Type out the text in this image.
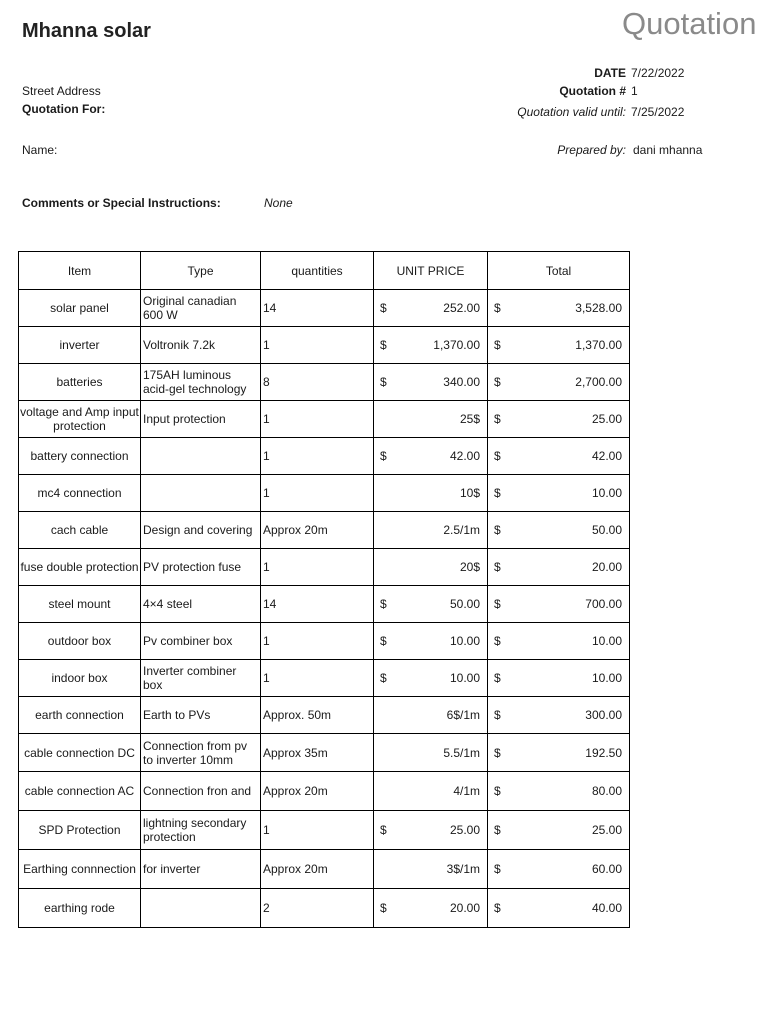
Mhanna solar	Quotation
Street Address
Quotation For:
Name:
DATE 7/22/2022
Quotation # 1
Quotation valid until: 7/25/2022
Prepared by: dani mhanna
Comments or Special Instructions:	None
Item	Type	quantities	UNIT PRICE	Total
solar panel	Original canadian 600 W	14	$ 252.00	$ 3,528.00

inverter	Voltronik 7.2k	1	$ 1,370.00	$ 1,370.00

batteries	175AH luminous acid-gel technology	8	$ 340.00	$ 2,700.00

voltage and Amp input protection	Input protection	1	25$	$ 25.00

battery connection		1	$ 42.00	$ 42.00

mc4 connection		1	10$	$ 10.00

cach cable	Design and covering	Approx 20m	2.5/1m	$ 50.00

fuse double protection	PV protection fuse	1	20$	$ 20.00

steel mount	4×4 steel	14	$ 50.00	$ 700.00

outdoor box	Pv combiner box	1	$ 10.00	$ 10.00

indoor box	Inverter combiner box	1	$ 10.00	$ 10.00

earth connection	Earth to PVs	Approx. 50m	6$/1m	$ 300.00

cable connection DC	Connection from pv to inverter 10mm	Approx 35m	5.5/1m	$ 192.50

cable connection AC	Connection fron and	Approx 20m	4/1m	$ 80.00

SPD Protection	lightning secondary protection	1	$ 25.00	$ 25.00

Earthing connnection	for inverter	Approx 20m	3$/1m	$ 60.00

earthing rode		2	$ 20.00	$ 40.00
